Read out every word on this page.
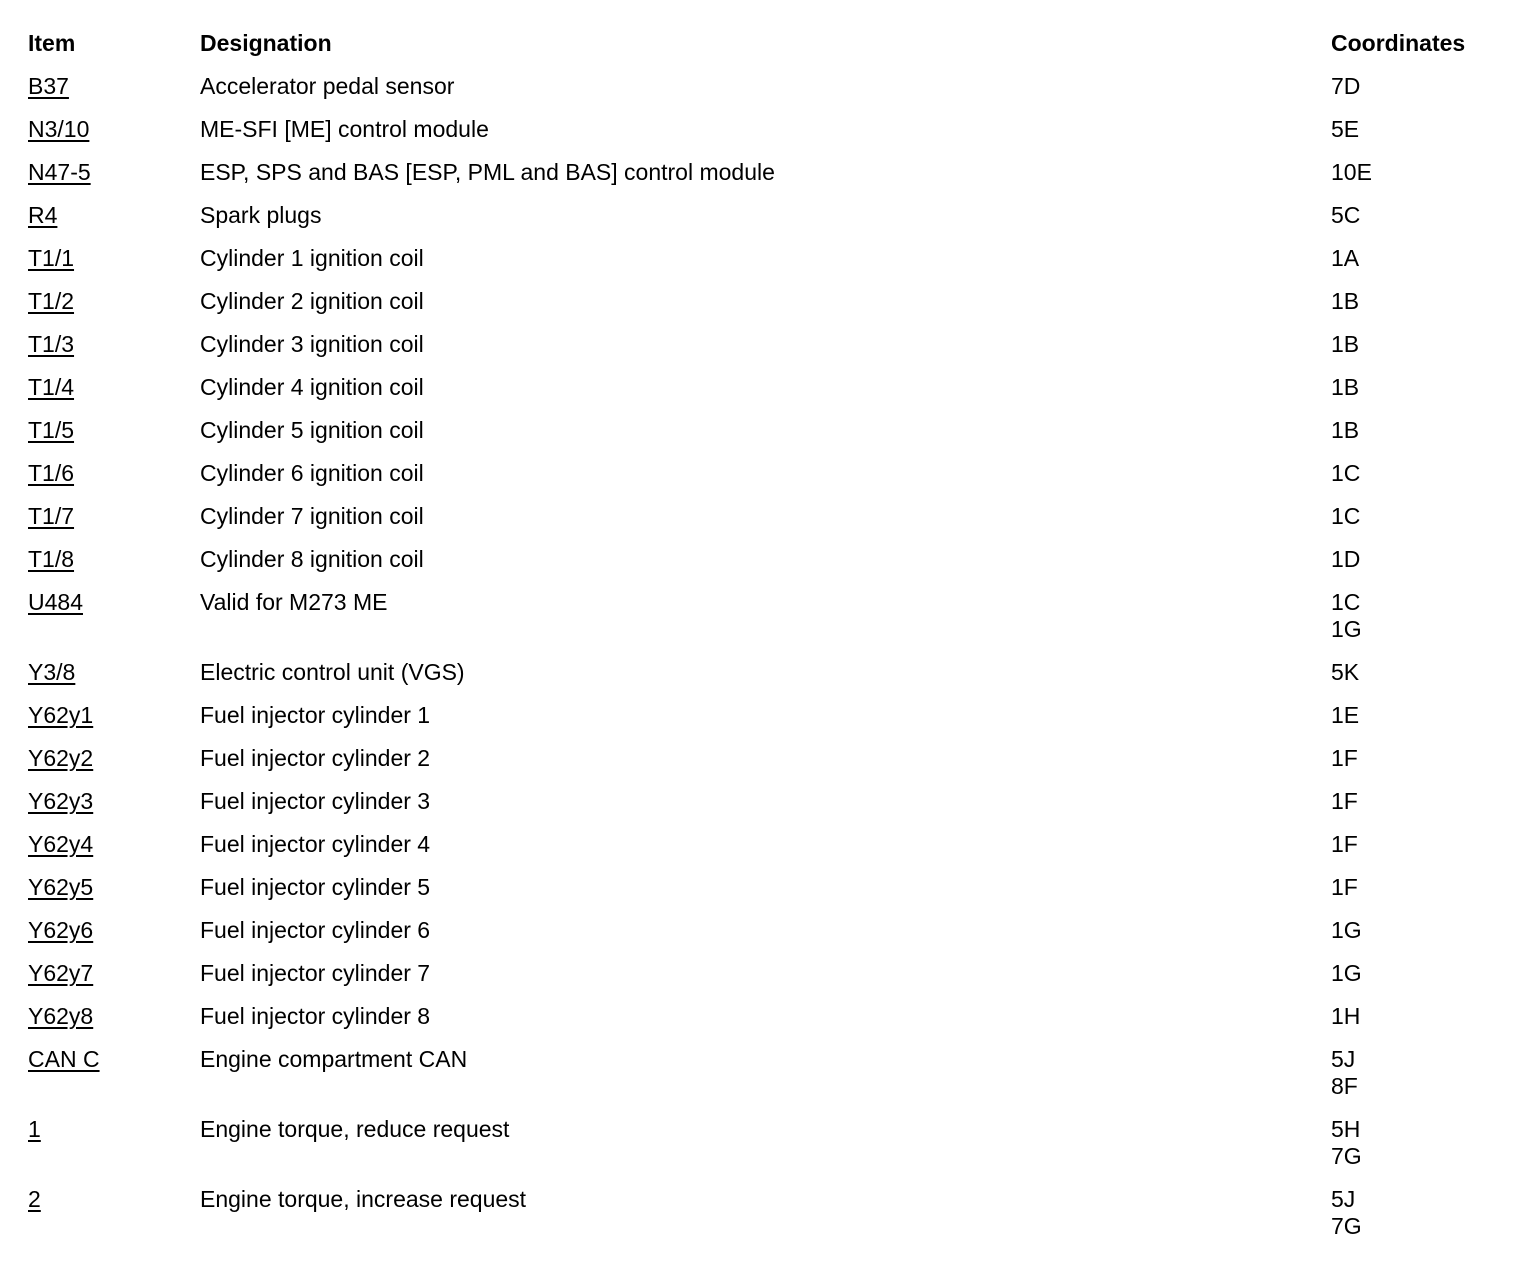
Item	Designation	Coordinates
B37	Accelerator pedal sensor	7D

N3/10	ME-SFI [ME] control module	5E

N47-5	ESP, SPS and BAS [ESP, PML and BAS] control module	10E

R4	Spark plugs	5C

T1/1	Cylinder 1 ignition coil	1A

T1/2	Cylinder 2 ignition coil	1B

T1/3	Cylinder 3 ignition coil	1B

T1/4	Cylinder 4 ignition coil	1B

T1/5	Cylinder 5 ignition coil	1B

T1/6	Cylinder 6 ignition coil	1C

T1/7	Cylinder 7 ignition coil	1C

T1/8	Cylinder 8 ignition coil	1D

U484	Valid for M273 ME	1C
1G

Y3/8	Electric control unit (VGS)	5K

Y62y1	Fuel injector cylinder 1	1E

Y62y2	Fuel injector cylinder 2	1F

Y62y3	Fuel injector cylinder 3	1F

Y62y4	Fuel injector cylinder 4	1F

Y62y5	Fuel injector cylinder 5	1F

Y62y6	Fuel injector cylinder 6	1G

Y62y7	Fuel injector cylinder 7	1G

Y62y8	Fuel injector cylinder 8	1H

CAN C	Engine compartment CAN	5J
8F

1	Engine torque, reduce request	5H
7G

2	Engine torque, increase request	5J
7G
